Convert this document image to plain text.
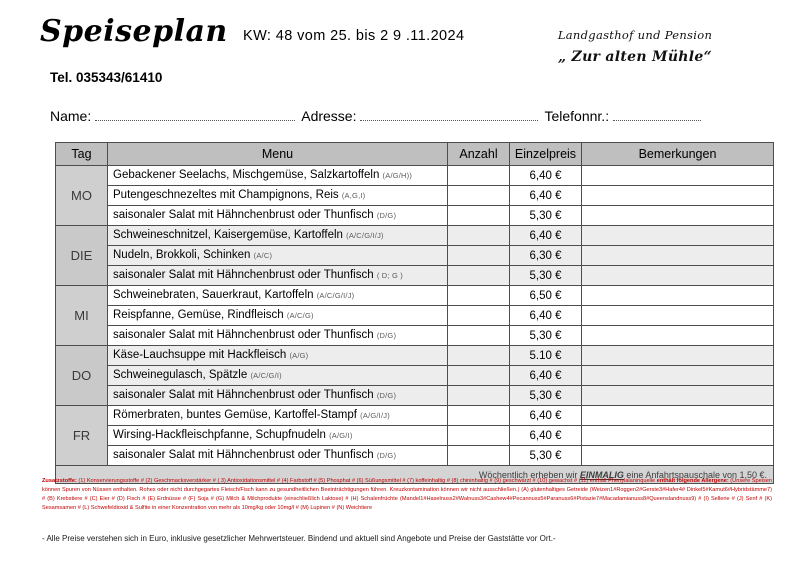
Speiseplan
Tel. 035343/61410
KW: 48 vom 25. bis 2 9 .11.2024	Landgasthof und Pension
„ Zur alten Mühle“
Name:	Adresse:	Telefonnr.:
Tag	Menu	Anzahl	Einzelpreis	Bemerkungen
MO	Gebackener Seelachs, Mischgemüse, Salzkartoffeln (A/G/H))		6,40 €	
	Putengeschnezeltes mit Champignons, Reis (A,G,I)		6,40 €	
	saisonaler Salat mit Hähnchenbrust oder Thunfisch (D/G)		5,30 €	
DIE	Schweineschnitzel, Kaisergemüse, Kartoffeln (A/C/G/I/J)		6,40 €	
	Nudeln, Brokkoli, Schinken (A/C)		6,30 €	
	saisonaler Salat mit Hähnchenbrust oder Thunfisch ( D; G )		5,30 €	
MI	Schweinebraten, Sauerkraut, Kartoffeln (A/C/G/I/J)		6,50 €	
	Reispfanne, Gemüse, Rindfleisch (A/C/G)		6,40 €	
	saisonaler Salat mit Hähnchenbrust oder Thunfisch (D/G)		5,30 €	
DO	Käse-Lauchsuppe mit Hackfleisch (A/G)		5.10 €	
	Schweinegulasch, Spätzle (A/C/G/I)		6,40 €	
	saisonaler Salat mit Hähnchenbrust oder Thunfisch (D/G)		5,30 €	
FR	Römerbraten, buntes Gemüse, Kartoffel-Stampf (A/G/I/J)		6,40 €	
	Wirsing-Hackfleischpfanne, Schupfnudeln (A/G/I)		6,40 €	
	saisonaler Salat mit Hähnchenbrust oder Thunfisch (D/G)		5,30 €	
Wöchentlich erheben wir EINMALIG eine Anfahrtspauschale von 1,50 €.				
Zusatzstoffe: (1) Konservierungsstoffe # (2) Geschmacksverstärker # ( 3) Antioxidationsmittel # (4) Farbstoff # (5) Phosphat # (6) Süßungsmittel # (7) koffeinhaltig # (8) chininhaltig # (9) geschwärzt # (10) gewachst # (11) enthält Phenylalaninquelle enthält folgende Allergene: (Unsere Speisen können Spuren von Nüssen enthalten. Rohes oder nicht durchgegartes Fleisch/Fisch kann zu gesundheitlichen Beeinträchtigungen führen. Kreuzkontamination können wir nicht ausschließen.) (A) glutenhaltiges Getreide (Weizen1#Roggen2#Gerste3#Hafer4# Dinkel5#Kamut6#Hybridstämme7) # (B) Krebstiere # (C) Eier # (D) Fisch # (E) Erdnüsse # (F) Soja # (G) Milch & Milchprodukte (einschließlich Laktose) # (H) Schalenfrüchte (Mandel1#Haselnuss2#Walnuss3#Cashew4#Pecannuss5#Paranuss6#Pistazie7#Macadamianuss8#Queenslandnuss9) # (I) Sellerie # (J) Senf # (K) Sesamsamen # (L) Schwefeldioxid & Sulfite in einer Konzentration von mehr als 10mg/kg oder 10mg/l # (M) Lupinen # (N) Weichtiere
- Alle Preise verstehen sich in Euro, inklusive gesetzlicher Mehrwertsteuer. Bindend und aktuell sind Angebote und Preise der Gaststätte vor Ort.-
